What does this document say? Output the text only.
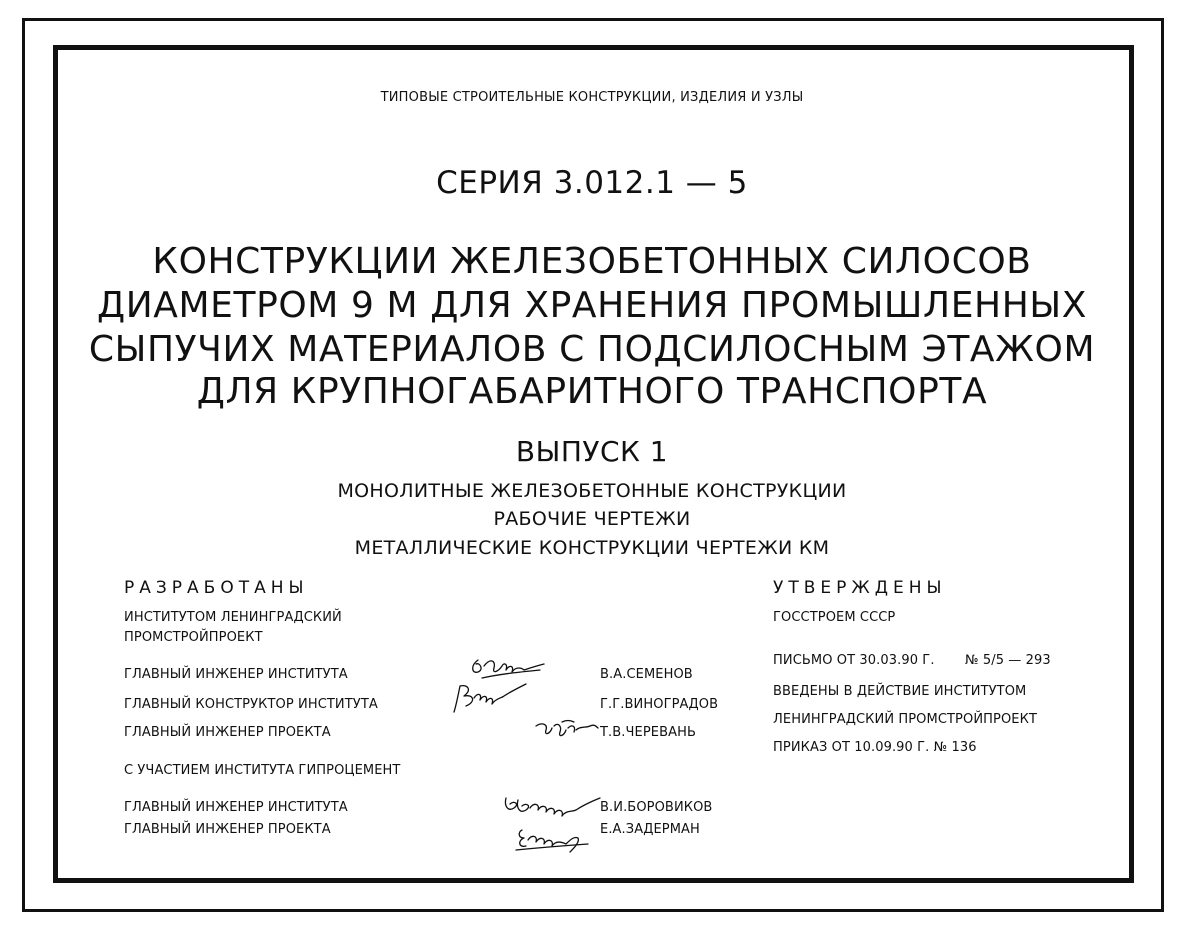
ТИПОВЫЕ СТРОИТЕЛЬНЫЕ КОНСТРУКЦИИ, ИЗДЕЛИЯ И УЗЛЫ
СЕРИЯ 3.012.1 — 5
КОНСТРУКЦИИ ЖЕЛЕЗОБЕТОННЫХ СИЛОСОВ
ДИАМЕТРОМ 9 М ДЛЯ ХРАНЕНИЯ ПРОМЫШЛЕННЫХ
СЫПУЧИХ МАТЕРИАЛОВ С ПОДСИЛОСНЫМ ЭТАЖОМ
ДЛЯ КРУПНОГАБАРИТНОГО ТРАНСПОРТА
ВЫПУСК 1
МОНОЛИТНЫЕ ЖЕЛЕЗОБЕТОННЫЕ КОНСТРУКЦИИ
РАБОЧИЕ ЧЕРТЕЖИ
МЕТАЛЛИЧЕСКИЕ КОНСТРУКЦИИ ЧЕРТЕЖИ КМ
РАЗРАБОТАНЫ
ИНСТИТУТОМ ЛЕНИНГРАДСКИЙ
ПРОМСТРОЙПРОЕКТ
ГЛАВНЫЙ ИНЖЕНЕР ИНСТИТУТА
ГЛАВНЫЙ КОНСТРУКТОР ИНСТИТУТА
ГЛАВНЫЙ ИНЖЕНЕР ПРОЕКТА
В.А.СЕМЕНОВ
Г.Г.ВИНОГРАДОВ
Т.В.ЧЕРЕВАНЬ
С УЧАСТИЕМ ИНСТИТУТА ГИПРОЦЕМЕНТ
ГЛАВНЫЙ ИНЖЕНЕР ИНСТИТУТА
ГЛАВНЫЙ ИНЖЕНЕР ПРОЕКТА
В.И.БОРОВИКОВ
Е.А.ЗАДЕРМАН
УТВЕРЖДЕНЫ
ГОССТРОЕМ СССР
ПИСЬМО ОТ 30.03.90 Г. № 5/5 — 293
ВВЕДЕНЫ В ДЕЙСТВИЕ ИНСТИТУТОМ
ЛЕНИНГРАДСКИЙ ПРОМСТРОЙПРОЕКТ
ПРИКАЗ ОТ 10.09.90 Г. № 136
